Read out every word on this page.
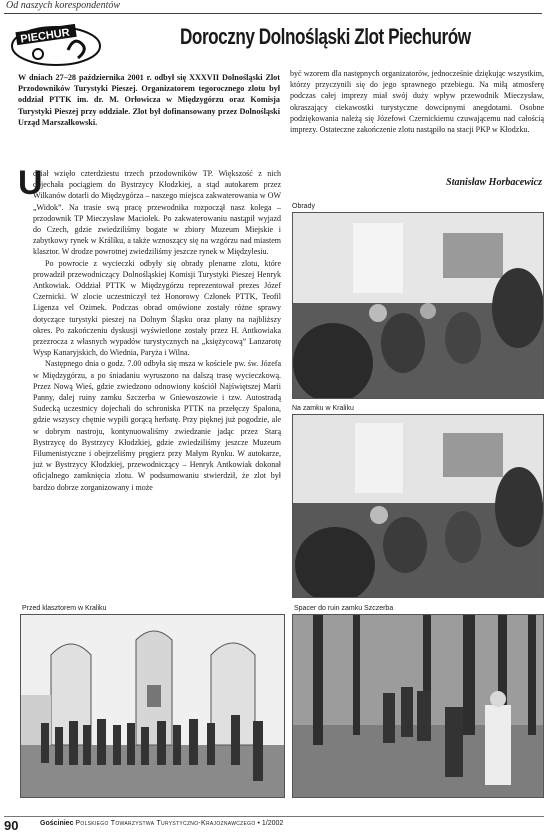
Od naszych korespondentów
PIECHUR	Doroczny Dolnośląski Zlot Piechurów
W dniach 27–28 października 2001 r. odbył się XXXVII Dolnośląski Zlot Przodowników Turystyki Pieszej. Organizatorem tegorocznego zlotu był oddział PTTK im. dr. M. Orłowicza w Międzygórzu oraz Komisja Turystyki Pieszej przy oddziale. Zlot był dofinansowany przez Dolnośląski Urząd Marszałkowski.
U

dział wzięło czterdziestu trzech przodowników TP. Większość z nich dojechała pociągiem do Bystrzycy Kłodzkiej, a stąd autokarem przez Wilkanów dotarli do Międzygórza – naszego miejsca zakwaterowania w OW „Widok”. Na trasie swą pracę przewodnika rozpoczął nasz kolega – przodownik TP Mieczysław Maciołek. Po zakwaterowaniu nastąpił wyjazd do Czech, gdzie zwiedziliśmy bogate w zbiory Muzeum Miejskie i zabytkowy rynek w Králíku, a także wznoszący się na wzgórzu nad miastem klasztor. W drodze powrotnej zwiedziliśmy jeszcze rynek w Międzylesiu.

Po powrocie z wycieczki odbyły się obrady plenarne zlotu, które prowadził przewodniczący Dolnośląskiej Komisji Turystyki Pieszej Henryk Antkowiak. Oddział PTTK w Międzygórzu reprezentował prezes Józef Czernicki. W zlocie uczestniczył też Honorowy Członek PTTK, Teofil Ligenza vel Ozimek. Podczas obrad omówione zostały różne sprawy dotyczące turystyki pieszej na Dolnym Śląsku oraz plany na najbliższy okres. Po zakończeniu dyskusji wyświetlone zostały przez H. Antkowiaka przezrocza z własnych wypadów turystycznych na „księżycową” Lanzarotę Wysp Kanaryjskich, do Wiednia, Paryża i Wilna.

Następnego dnia o godz. 7.00 odbyła się msza w kościele pw. św. Józefa w Międzygórzu, a po śniadaniu wyruszono na dalszą trasę wycieczkową. Przez Nową Wieś, gdzie zwiedzono odnowiony kościół Najświętszej Marii Panny, dalej ruiny zamku Szczerba w Gniewoszowie i tzw. Autostradą Sudecką uczestnicy dojechali do schroniska PTTK na przełęczy Spalona, gdzie wszyscy chętnie wypili gorącą herbatę. Przy pięknej już pogodzie, ale w dobrym nastroju, kontynuowaliśmy zwiedzanie jadąc przez Starą Bystrzycę do Bystrzycy Kłodzkiej, gdzie zwiedziliśmy jeszcze Muzeum Filumenistyczne i obejrzeliśmy pręgierz przy Małym Rynku. W autokarze, już w Bystrzycy Kłodzkiej, przewodniczący – Henryk Antkowiak dokonał oficjalnego zamknięcia zlotu. W podsumowaniu stwierdził, że zlot był bardzo dobrze zorganizowany i może

być wzorem dla następnych organizatorów, jednocześnie dziękując wszystkim, którzy przyczynili się do jego sprawnego przebiegu. Na miłą atmosferę podczas całej imprezy miał swój duży wpływ przewodnik Mieczysław, okraszający ciekawostki turystyczne dowcipnymi anegdotami. Osobne podziękowania należą się Józefowi Czernickiemu czuwającemu nad całością imprezy. Ostateczne zakończenie zlotu nastąpiło na stacji PKP w Kłodzku.

Stanisław Horbacewicz
Obrady
Na zamku w Kraliku
Przed klasztorem w Kraliku	Spacer do ruin zamku Szczerba
90	Gościniec Polskiego Towarzystwa Turystyczno-Krajoznawczego • 1/2002
